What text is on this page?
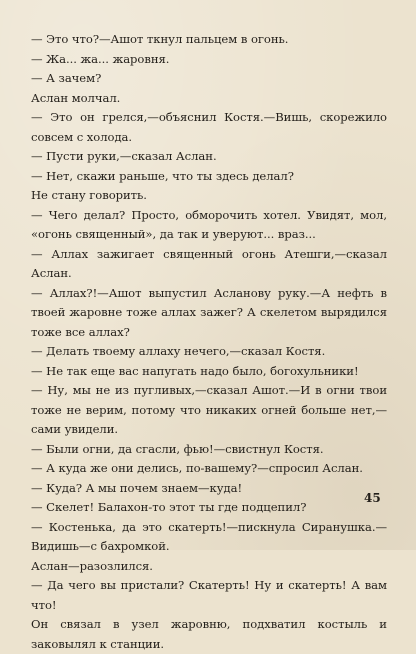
— Это что?—Ашот ткнул пальцем в огонь.

— Жа... жа... жаровня.

— А зачем?

Аслан молчал.

— Это он грелся,—объяснил Костя.—Вишь, скорежило совсем с холода.

— Пусти руки,—сказал Аслан.

— Нет, скажи раньше, что ты здесь делал?

Не стану говорить.

— Чего делал? Просто, обморочить хотел. Увидят, мол, «огонь священный», да так и уверуют... враз...

— Аллах зажигает священный огонь Атешги,—сказал Аслан.

— Аллах?!—Ашот выпустил Асланову руку.—А нефть в твоей жаровне тоже аллах зажег? А скелетом вырядился тоже все аллах?

— Делать твоему аллаху нечего,—сказал Костя.

— Не так еще вас напугать надо было, богохульники!

— Ну, мы не из пугливых,—сказал Ашот.—И в огни твои тоже не верим, потому что никаких огней больше нет,—сами увидели.

— Были огни, да сгасли, фью!—свистнул Костя.

— А куда же они делись, по-вашему?—спросил Аслан.

— Куда? А мы почем знаем—куда!

— Скелет! Балахон-то этот ты где подцепил?

— Костенька, да это скатерть!—пискнула Сиранушка.— Видишь—с бахромкой.

Аслан—разозлился.

— Да чего вы пристали? Скатерть! Ну и скатерть! А вам что!

Он связал в узел жаровню, подхватил костыль и заковылял к станции.

45
